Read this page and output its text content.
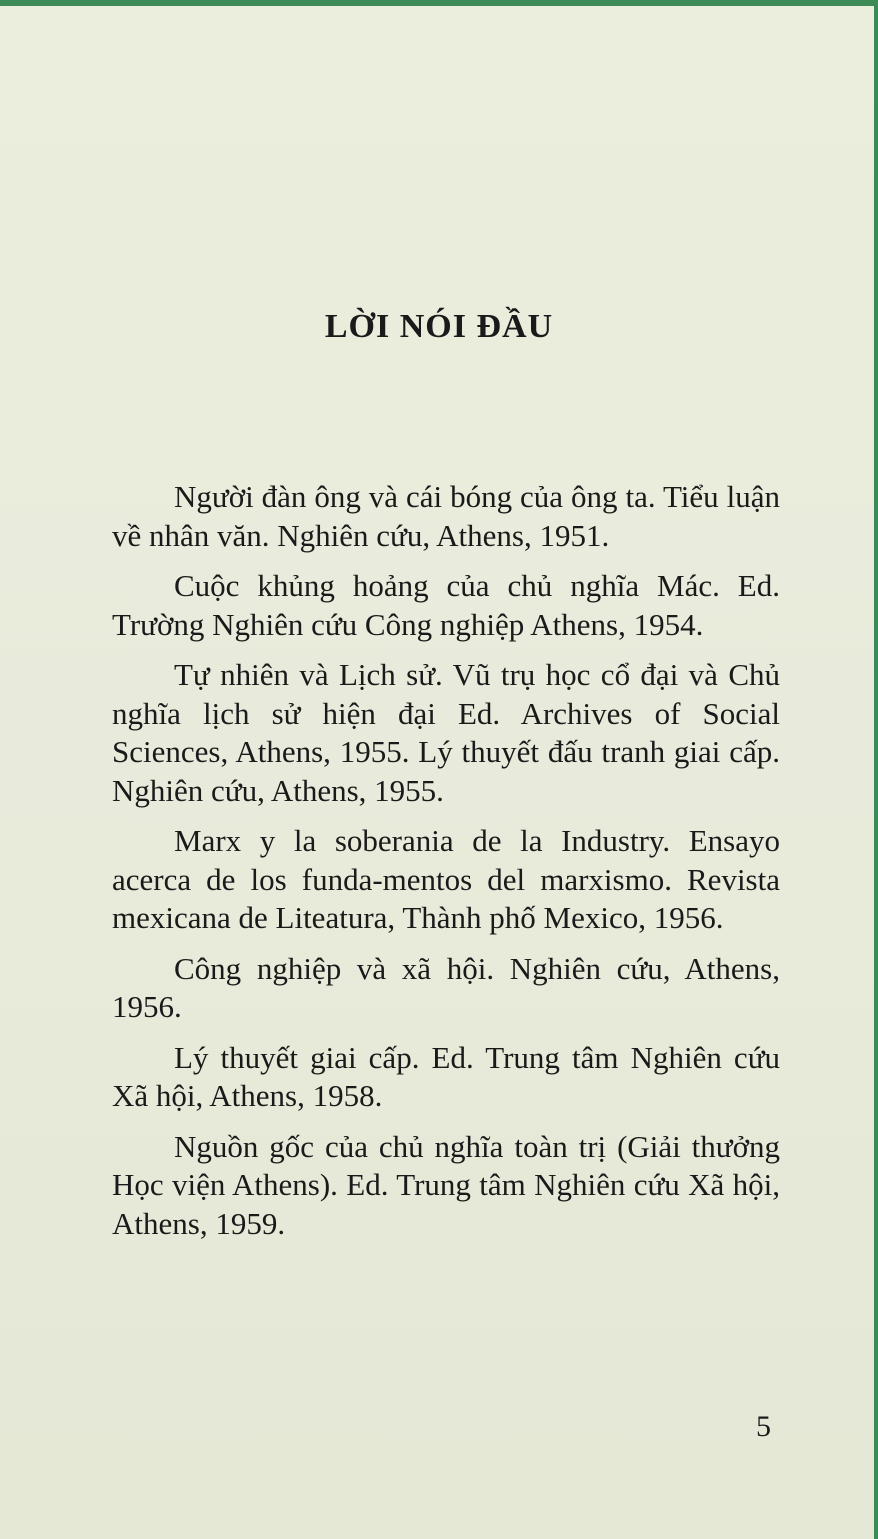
LỜI NÓI ĐẦU

Người đàn ông và cái bóng của ông ta. Tiểu luận về nhân văn. Nghiên cứu, Athens, 1951.

Cuộc khủng hoảng của chủ nghĩa Mác. Ed. Trường Nghiên cứu Công nghiệp Athens, 1954.

Tự nhiên và Lịch sử. Vũ trụ học cổ đại và Chủ nghĩa lịch sử hiện đại Ed. Archives of Social Sciences, Athens, 1955. Lý thuyết đấu tranh giai cấp. Nghiên cứu, Athens, 1955.

Marx y la soberania de la Industry. Ensayo acerca de los funda-mentos del marxismo. Revista mexicana de Liteatura, Thành phố Mexico, 1956.

Công nghiệp và xã hội. Nghiên cứu, Athens, 1956.

Lý thuyết giai cấp. Ed. Trung tâm Nghiên cứu Xã hội, Athens, 1958.

Nguồn gốc của chủ nghĩa toàn trị (Giải thưởng Học viện Athens). Ed. Trung tâm Nghiên cứu Xã hội, Athens, 1959.

5
